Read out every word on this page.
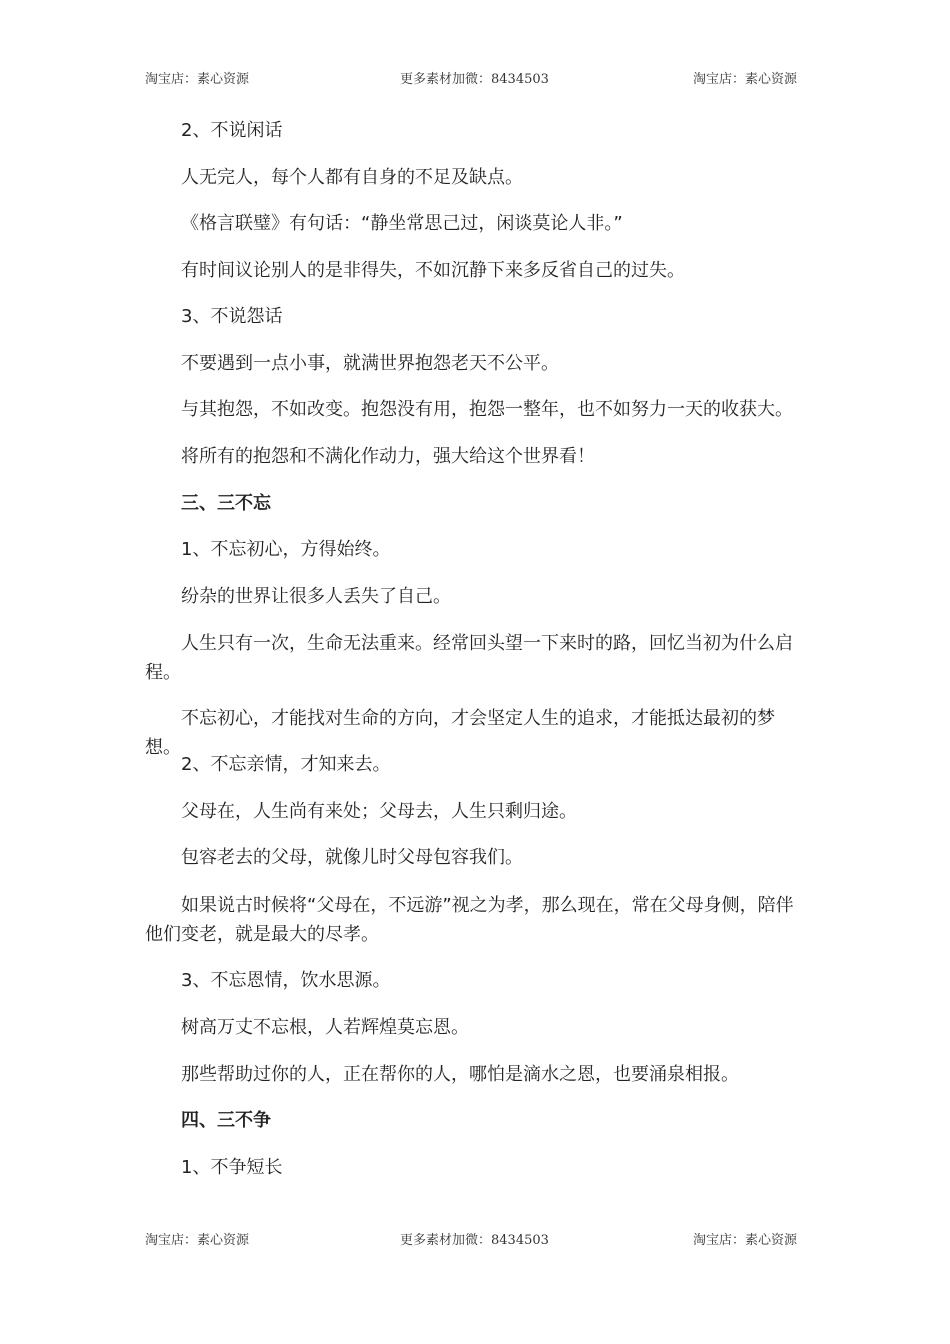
淘宝店：素心资源	更多素材加微：8434503	淘宝店：素心资源
2、不说闲话
人无完人，每个人都有自身的不足及缺点。
《格言联璧》有句话：“静坐常思己过，闲谈莫论人非。”
有时间议论别人的是非得失，不如沉静下来多反省自己的过失。
3、不说怨话
不要遇到一点小事，就满世界抱怨老天不公平。
与其抱怨，不如改变。抱怨没有用，抱怨一整年，也不如努力一天的收获大。
将所有的抱怨和不满化作动力，强大给这个世界看！
三、三不忘
1、不忘初心，方得始终。
纷杂的世界让很多人丢失了自己。
人生只有一次，生命无法重来。经常回头望一下来时的路，回忆当初为什么启程。
不忘初心，才能找对生命的方向，才会坚定人生的追求，才能抵达最初的梦想。
2、不忘亲情，才知来去。
父母在，人生尚有来处；父母去，人生只剩归途。
包容老去的父母，就像儿时父母包容我们。
如果说古时候将“父母在，不远游”视之为孝，那么现在，常在父母身侧，陪伴他们变老，就是最大的尽孝。
3、不忘恩情，饮水思源。
树高万丈不忘根，人若辉煌莫忘恩。
那些帮助过你的人，正在帮你的人，哪怕是滴水之恩，也要涌泉相报。
四、三不争
1、不争短长
淘宝店：素心资源	更多素材加微：8434503	淘宝店：素心资源
